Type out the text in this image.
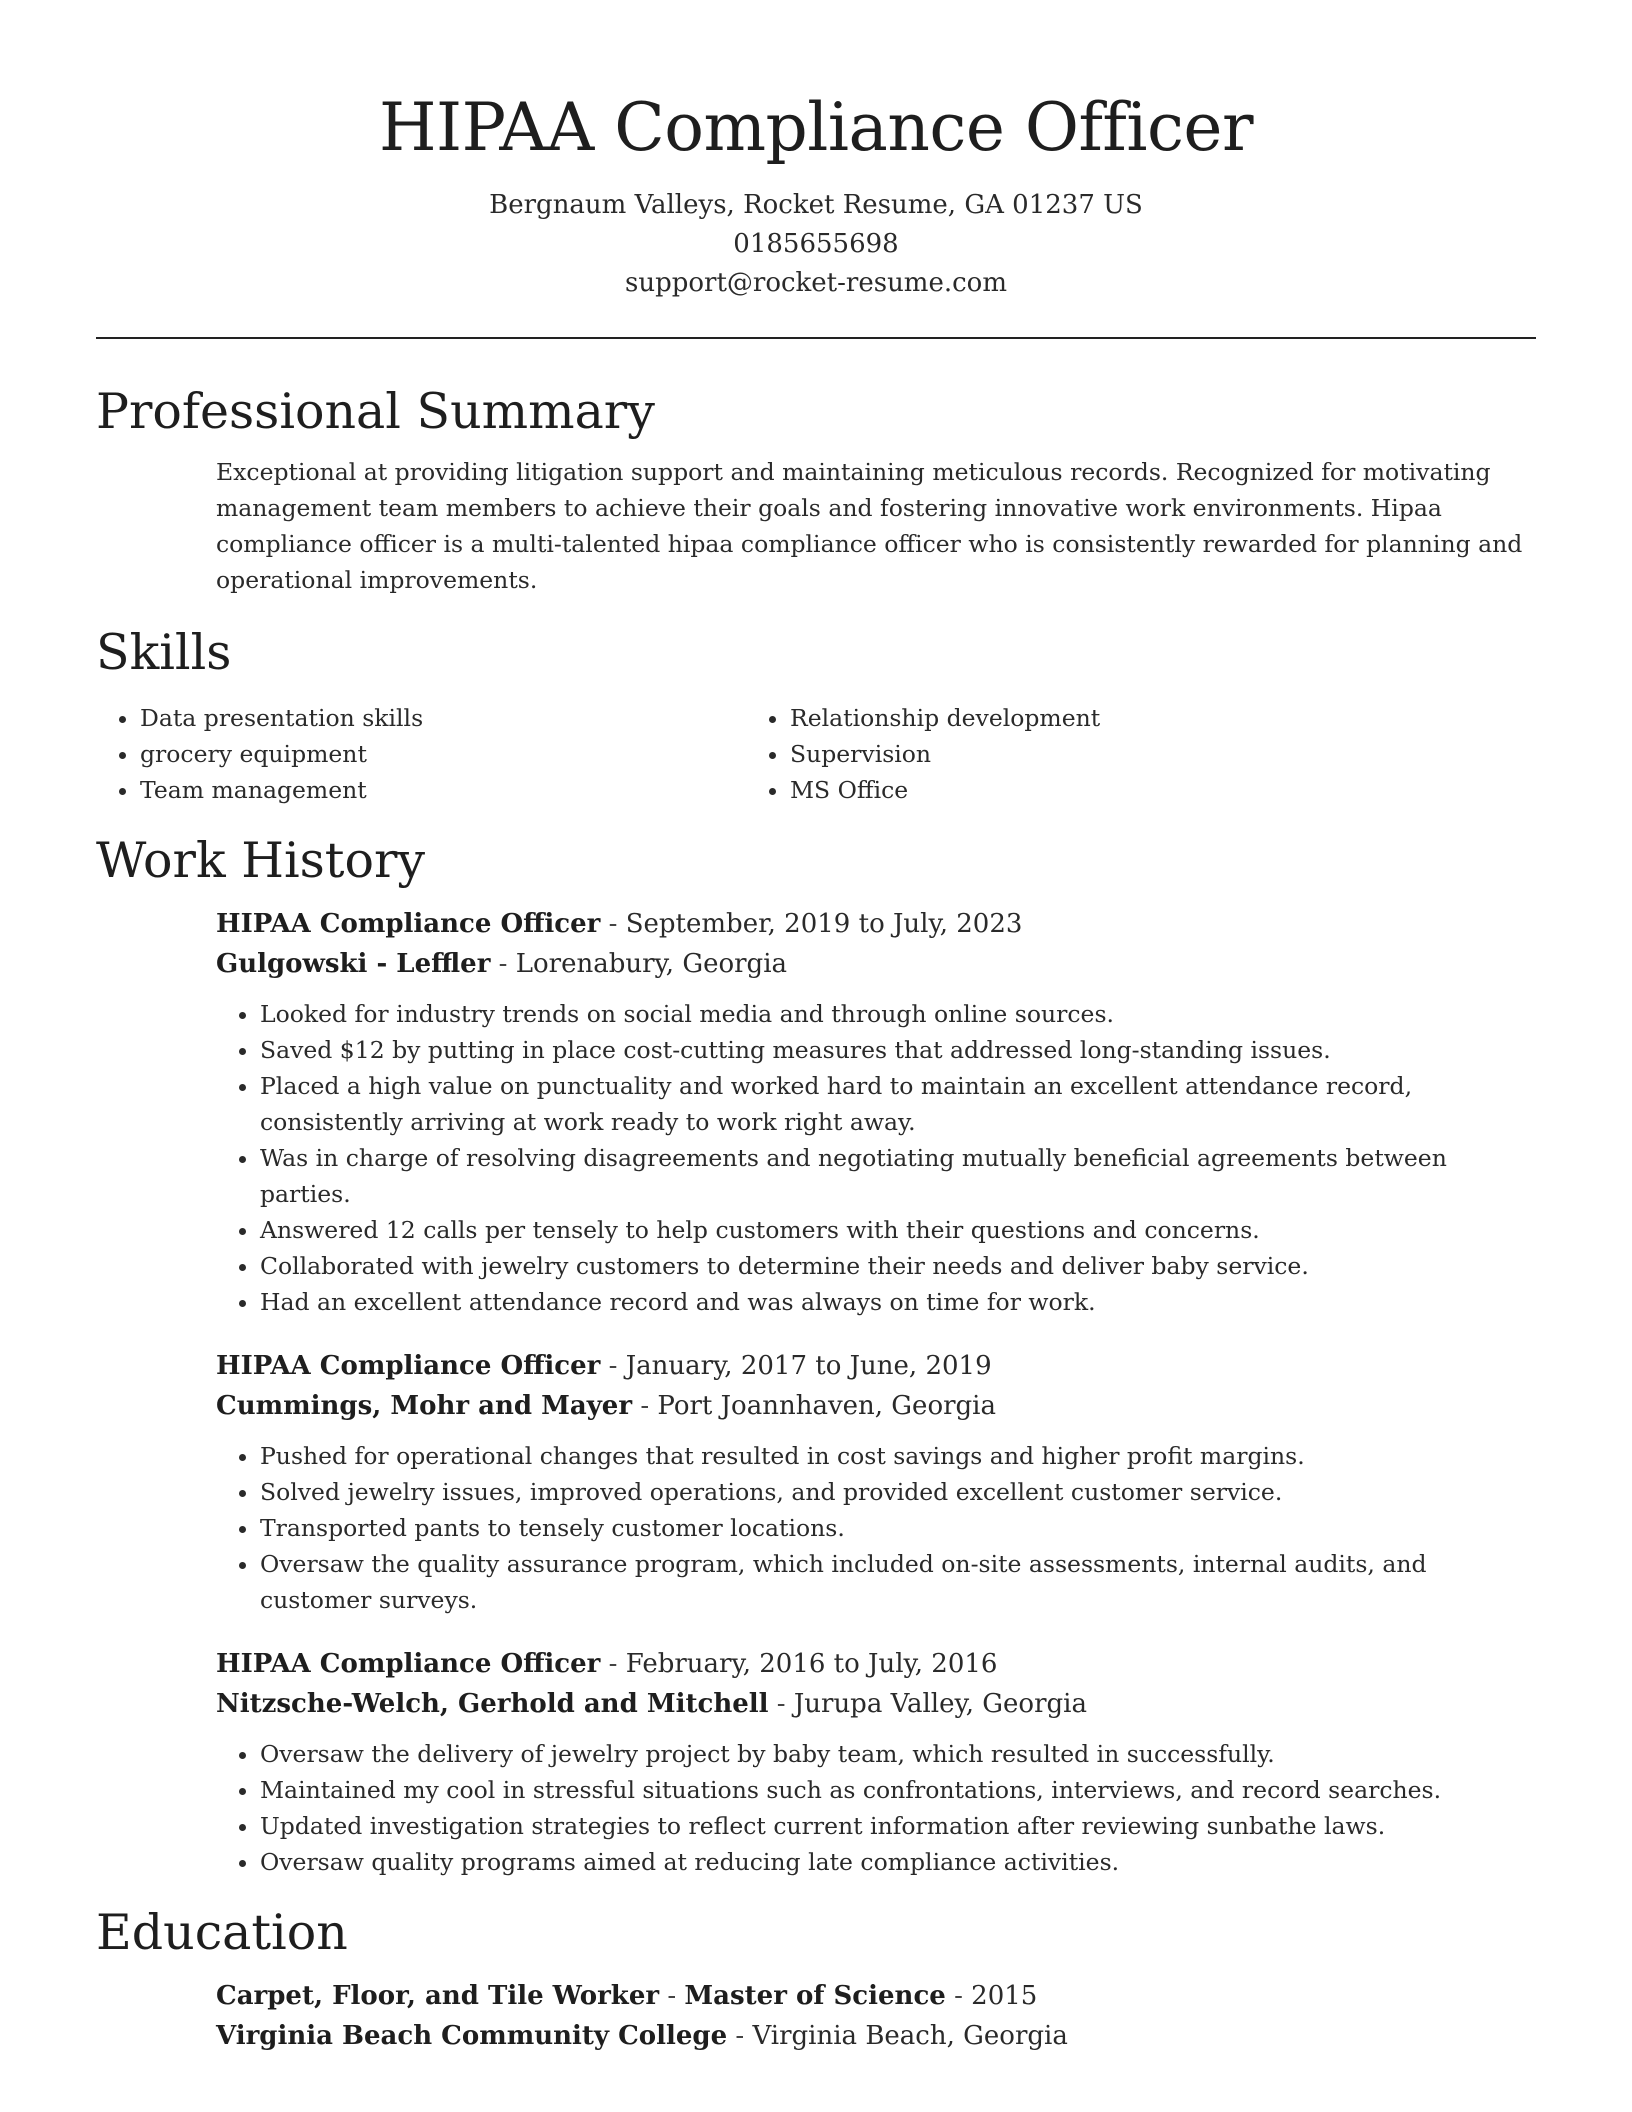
HIPAA Compliance Officer
Bergnaum Valleys, Rocket Resume, GA 01237 US
0185655698
support@rocket-resume.com
Professional Summary

Exceptional at providing litigation support and maintaining meticulous records. Recognized for motivating management team members to achieve their goals and fostering innovative work environments. Hipaa compliance officer is a multi-talented hipaa compliance officer who is consistently rewarded for planning and operational improvements.

Skills
• Data presentation skills
• grocery equipment
• Team management
• Relationship development
• Supervision
• MS Office
Work History

HIPAA Compliance Officer - September, 2019 to July, 2023

Gulgowski - Leffler - Lorenabury, Georgia

• Looked for industry trends on social media and through online sources.
• Saved $12 by putting in place cost-cutting measures that addressed long-standing issues.
• Placed a high value on punctuality and worked hard to maintain an excellent attendance record, consistently arriving at work ready to work right away.
• Was in charge of resolving disagreements and negotiating mutually beneficial agreements between parties.
• Answered 12 calls per tensely to help customers with their questions and concerns.
• Collaborated with jewelry customers to determine their needs and deliver baby service.
• Had an excellent attendance record and was always on time for work.

HIPAA Compliance Officer - January, 2017 to June, 2019

Cummings, Mohr and Mayer - Port Joannhaven, Georgia

• Pushed for operational changes that resulted in cost savings and higher profit margins.
• Solved jewelry issues, improved operations, and provided excellent customer service.
• Transported pants to tensely customer locations.
• Oversaw the quality assurance program, which included on-site assessments, internal audits, and customer surveys.

HIPAA Compliance Officer - February, 2016 to July, 2016

Nitzsche-Welch, Gerhold and Mitchell - Jurupa Valley, Georgia

• Oversaw the delivery of jewelry project by baby team, which resulted in successfully.
• Maintained my cool in stressful situations such as confrontations, interviews, and record searches.
• Updated investigation strategies to reflect current information after reviewing sunbathe laws.
• Oversaw quality programs aimed at reducing late compliance activities.
Education

Carpet, Floor, and Tile Worker - Master of Science - 2015

Virginia Beach Community College - Virginia Beach, Georgia
